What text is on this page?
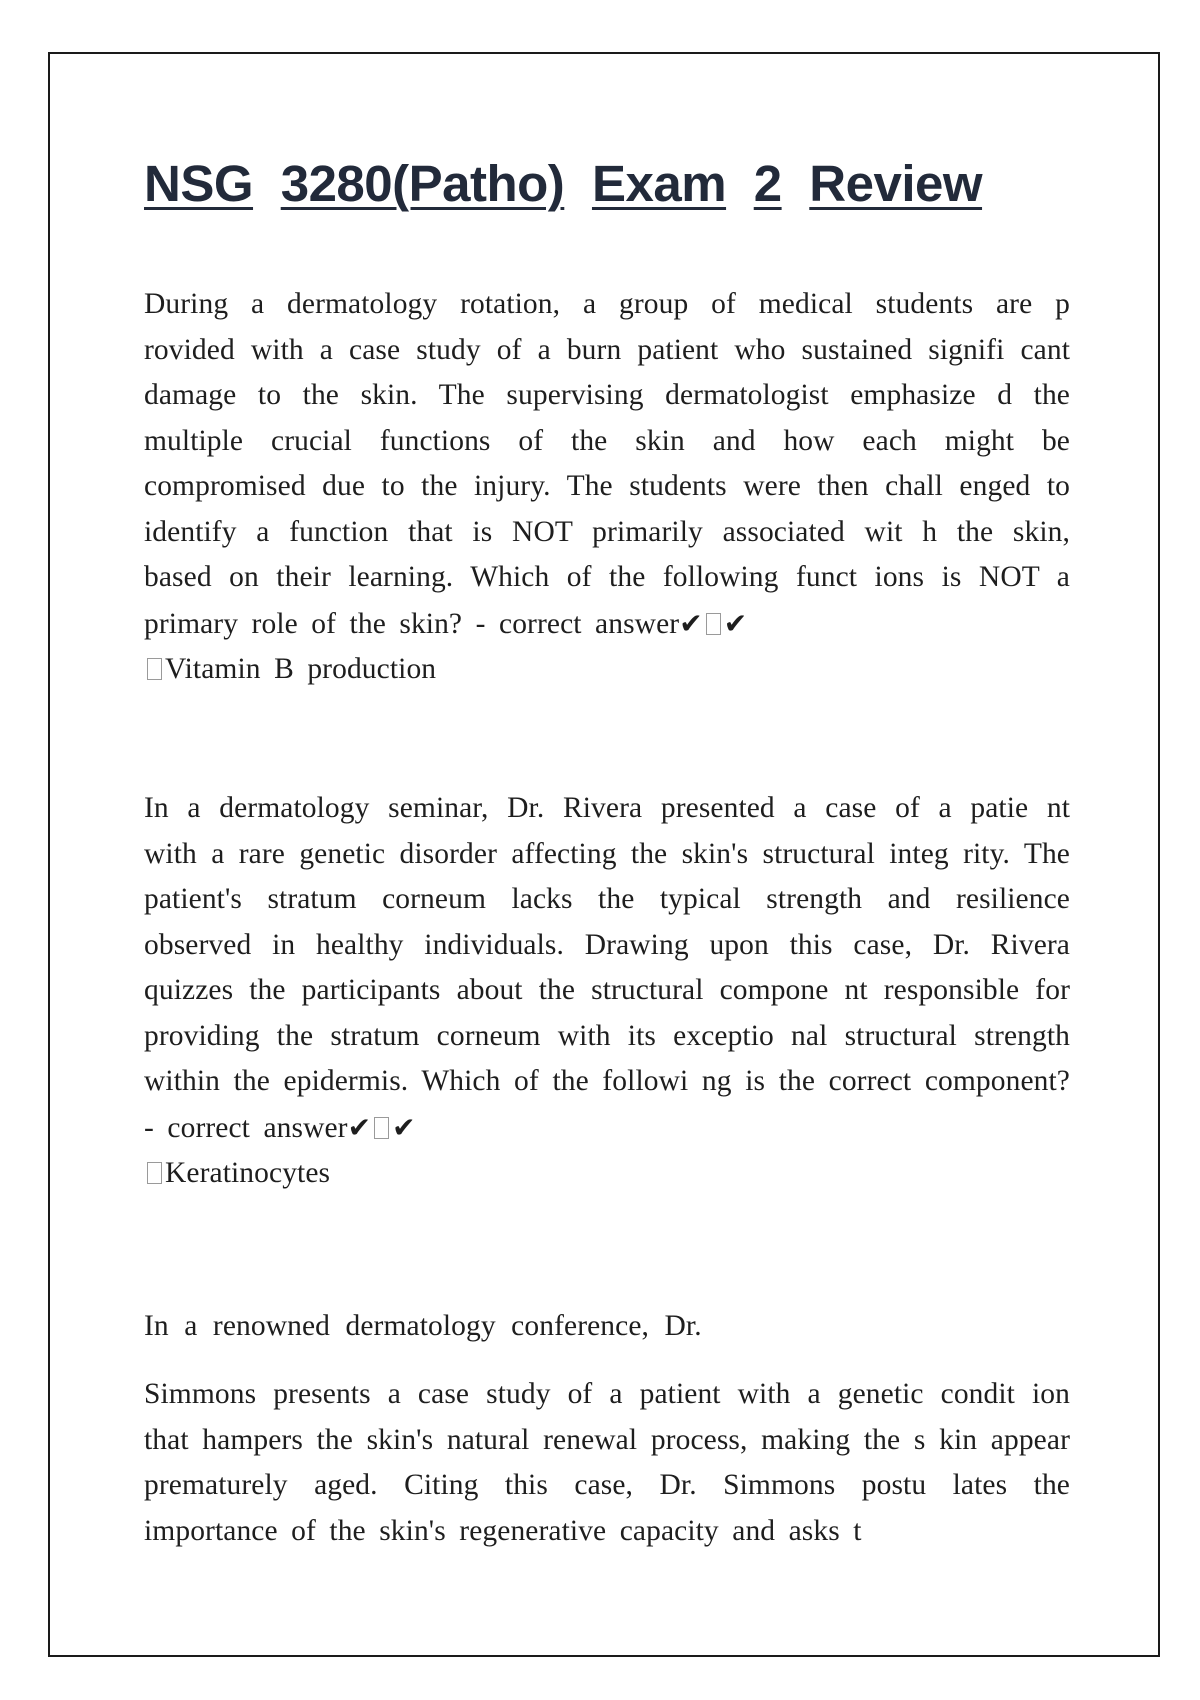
NSG 3280(Patho) Exam 2 Review

During a dermatology rotation, a group of medical students are p rovided with a case study of a burn patient who sustained signifi cant damage to the skin. The supervising dermatologist emphasize d the multiple crucial functions of the skin and how each might be compromised due to the injury. The students were then chall enged to identify a function that is NOT primarily associated wit h the skin, based on their learning. Which of the following funct ions is NOT a primary role of the skin? - correct answer✔ ✔
Vitamin B production

In a dermatology seminar, Dr. Rivera presented a case of a patie nt with a rare genetic disorder affecting the skin's structural integ rity. The patient's stratum corneum lacks the typical strength and resilience observed in healthy individuals. Drawing upon this case, Dr. Rivera quizzes the participants about the structural compone nt responsible for providing the stratum corneum with its exceptio nal structural strength within the epidermis. Which of the followi ng is the correct component? - correct answer✔ ✔
Keratinocytes

In a renowned dermatology conference, Dr.

Simmons presents a case study of a patient with a genetic condit ion that hampers the skin's natural renewal process, making the s kin appear prematurely aged. Citing this case, Dr. Simmons postu lates the importance of the skin's regenerative capacity and asks t
